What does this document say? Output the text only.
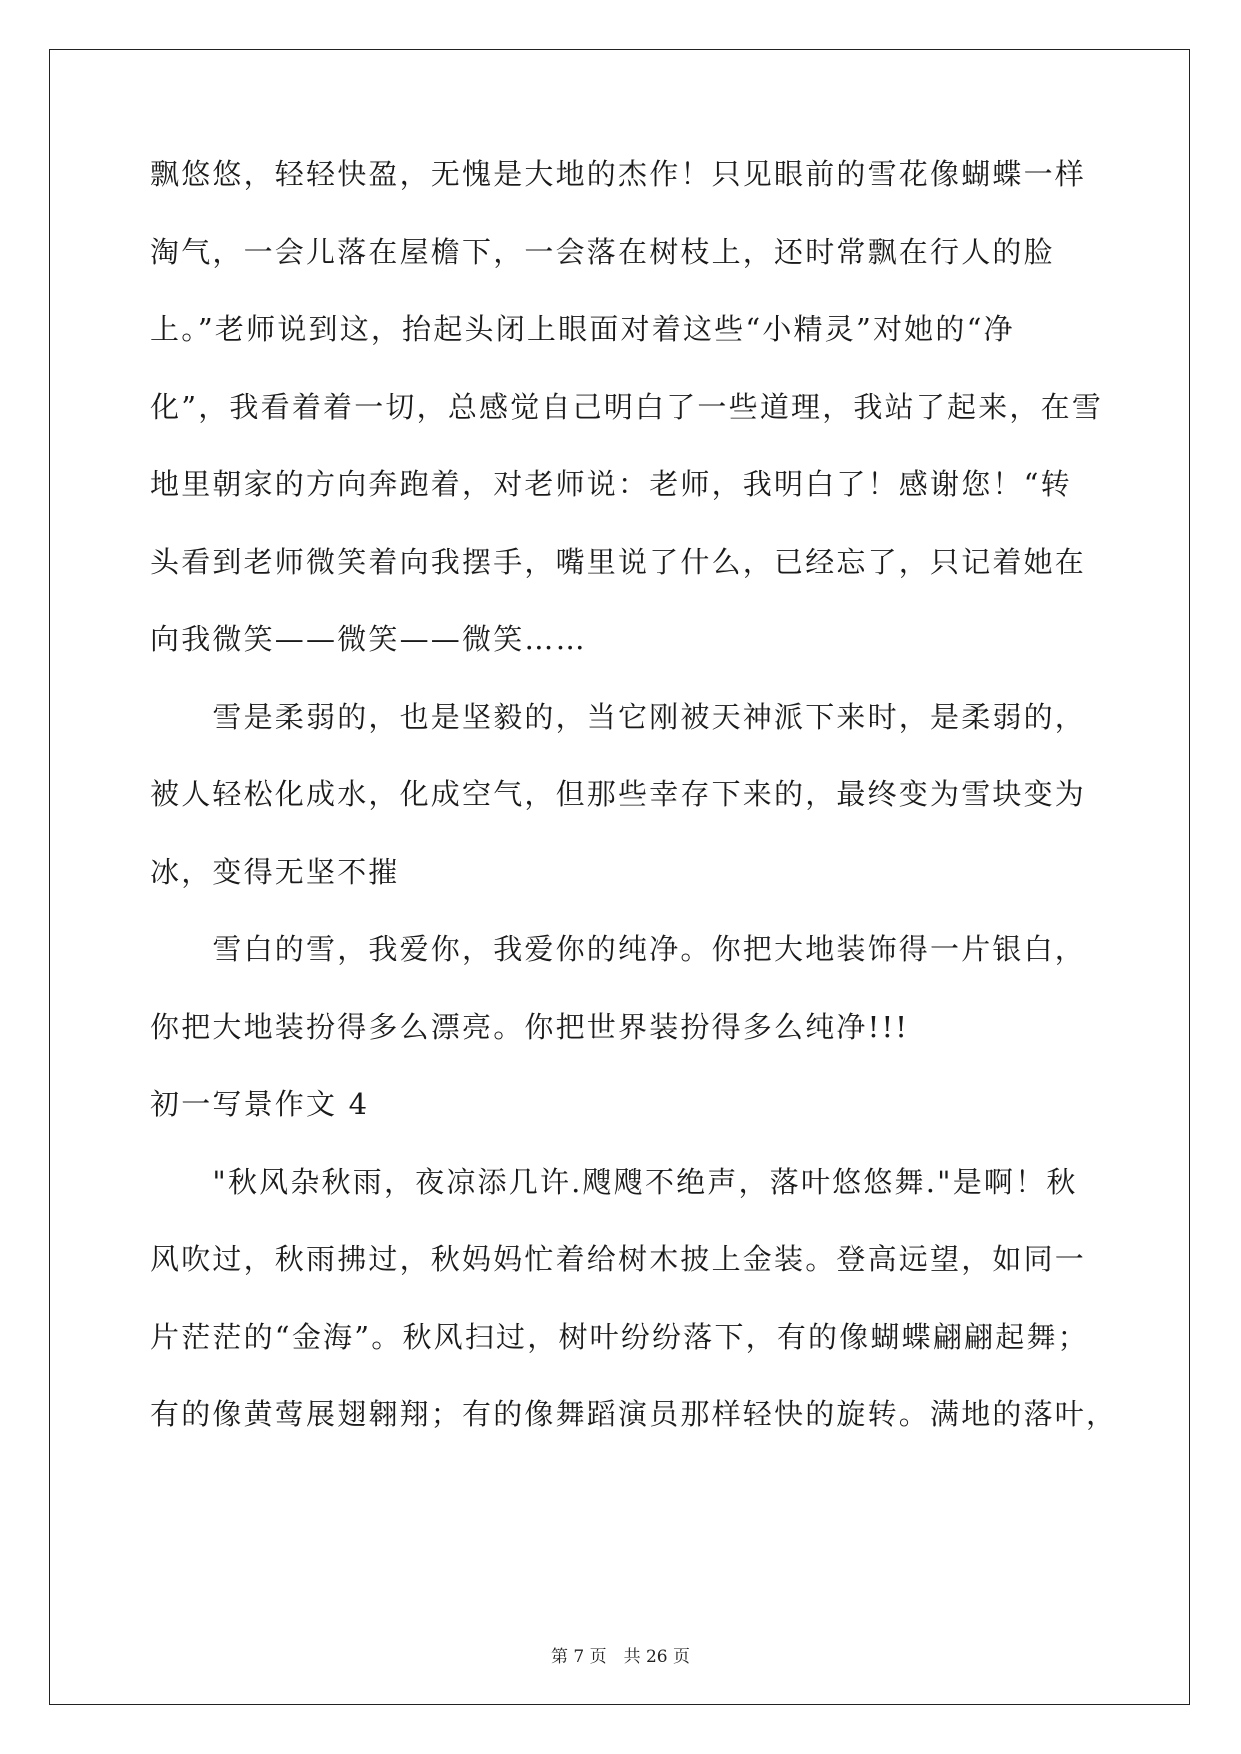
飘悠悠，轻轻快盈，无愧是大地的杰作！只见眼前的雪花像蝴蝶一样
淘气，一会儿落在屋檐下，一会落在树枝上，还时常飘在行人的脸
上。”老师说到这，抬起头闭上眼面对着这些“小精灵”对她的“净
化”，我看着着一切，总感觉自己明白了一些道理，我站了起来，在雪
地里朝家的方向奔跑着，对老师说：老师，我明白了！感谢您！“转
头看到老师微笑着向我摆手，嘴里说了什么，已经忘了，只记着她在
向我微笑——微笑——微笑……
　　雪是柔弱的，也是坚毅的，当它刚被天神派下来时，是柔弱的，
被人轻松化成水，化成空气，但那些幸存下来的，最终变为雪块变为
冰，变得无坚不摧
　　雪白的雪，我爱你，我爱你的纯净。你把大地装饰得一片银白，
你把大地装扮得多么漂亮。你把世界装扮得多么纯净!!!
初一写景作文 4
　　"秋风杂秋雨，夜凉添几许.飕飕不绝声，落叶悠悠舞."是啊！秋
风吹过，秋雨拂过，秋妈妈忙着给树木披上金装。登高远望，如同一
片茫茫的“金海”。秋风扫过，树叶纷纷落下，有的像蝴蝶翩翩起舞；
有的像黄莺展翅翱翔；有的像舞蹈演员那样轻快的旋转。满地的落叶，
第 7 页　共 26 页
